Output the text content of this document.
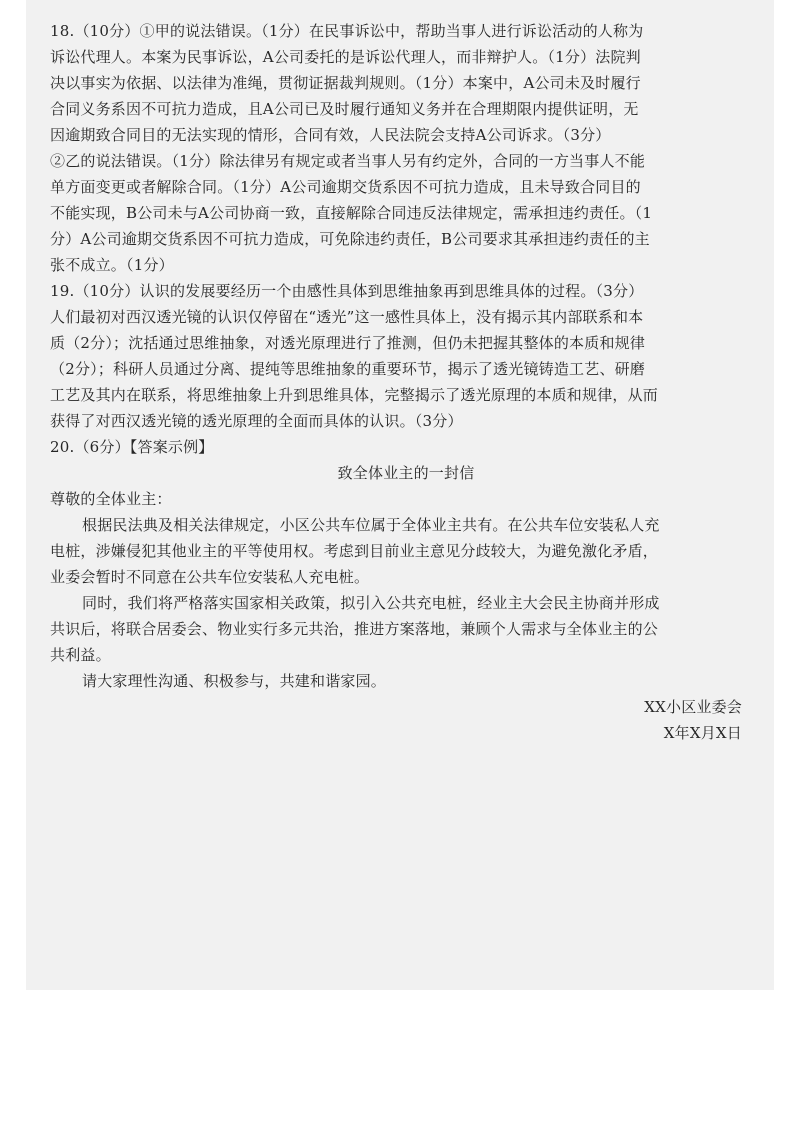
18.（10分）①甲的说法错误。（1分）在民事诉讼中，帮助当事人进行诉讼活动的人称为
诉讼代理人。本案为民事诉讼，A公司委托的是诉讼代理人，而非辩护人。（1分）法院判
决以事实为依据、以法律为准绳，贯彻证据裁判规则。（1分）本案中，A公司未及时履行
合同义务系因不可抗力造成，且A公司已及时履行通知义务并在合理期限内提供证明，无
因逾期致合同目的无法实现的情形，合同有效，人民法院会支持A公司诉求。（3分）
②乙的说法错误。（1分）除法律另有规定或者当事人另有约定外，合同的一方当事人不能
单方面变更或者解除合同。（1分）A公司逾期交货系因不可抗力造成，且未导致合同目的
不能实现，B公司未与A公司协商一致，直接解除合同违反法律规定，需承担违约责任。（1
分）A公司逾期交货系因不可抗力造成，可免除违约责任，B公司要求其承担违约责任的主
张不成立。（1分）
19.（10分）认识的发展要经历一个由感性具体到思维抽象再到思维具体的过程。（3分）
人们最初对西汉透光镜的认识仅停留在“透光”这一感性具体上，没有揭示其内部联系和本
质（2分）；沈括通过思维抽象，对透光原理进行了推测，但仍未把握其整体的本质和规律
（2分）；科研人员通过分离、提纯等思维抽象的重要环节，揭示了透光镜铸造工艺、研磨
工艺及其内在联系，将思维抽象上升到思维具体，完整揭示了透光原理的本质和规律，从而
获得了对西汉透光镜的透光原理的全面而具体的认识。（3分）
20.（6分）【答案示例】
致全体业主的一封信
尊敬的全体业主：
根据民法典及相关法律规定，小区公共车位属于全体业主共有。在公共车位安装私人充
电桩，涉嫌侵犯其他业主的平等使用权。考虑到目前业主意见分歧较大，为避免激化矛盾，
业委会暂时不同意在公共车位安装私人充电桩。
同时，我们将严格落实国家相关政策，拟引入公共充电桩，经业主大会民主协商并形成
共识后，将联合居委会、物业实行多元共治，推进方案落地，兼顾个人需求与全体业主的公
共利益。
请大家理性沟通、积极参与，共建和谐家园。
XX小区业委会
X年X月X日
